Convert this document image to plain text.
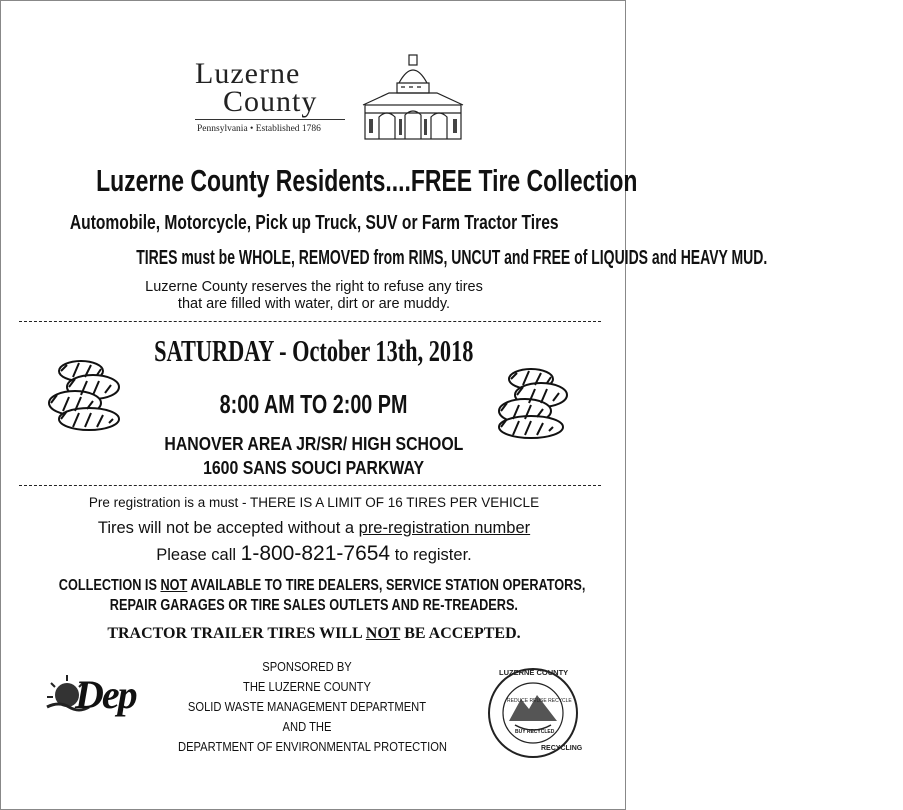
Luzerne
County
Pennsylvania • Established 1786
Luzerne County Residents....FREE Tire Collection
Automobile, Motorcycle, Pick up Truck, SUV or Farm Tractor Tires
TIRES must be WHOLE, REMOVED from RIMS, UNCUT and FREE of LIQUIDS and HEAVY MUD.
Luzerne County reserves the right to refuse any tires
that are filled with water, dirt or are muddy.
SATURDAY - October 13th, 2018
8:00 AM TO 2:00 PM
HANOVER AREA JR/SR/ HIGH SCHOOL
1600 SANS SOUCI PARKWAY
Pre registration is a must - THERE IS A LIMIT OF 16 TIRES PER VEHICLE
Tires will not be accepted without a pre-registration number
Please call 1-800-821-7654 to register.
COLLECTION IS NOT AVAILABLE TO TIRE DEALERS, SERVICE STATION OPERATORS,
REPAIR GARAGES OR TIRE SALES OUTLETS AND RE-TREADERS.
TRACTOR TRAILER TIRES WILL NOT BE ACCEPTED.
SPONSORED BY
THE LUZERNE COUNTY
SOLID WASTE MANAGEMENT DEPARTMENT
AND THE
DEPARTMENT OF ENVIRONMENTAL PROTECTION
Dep	LUZERNE COUNTY
REDUCE REUSE RECYCLE
BUY RECYCLED
RECYCLING
